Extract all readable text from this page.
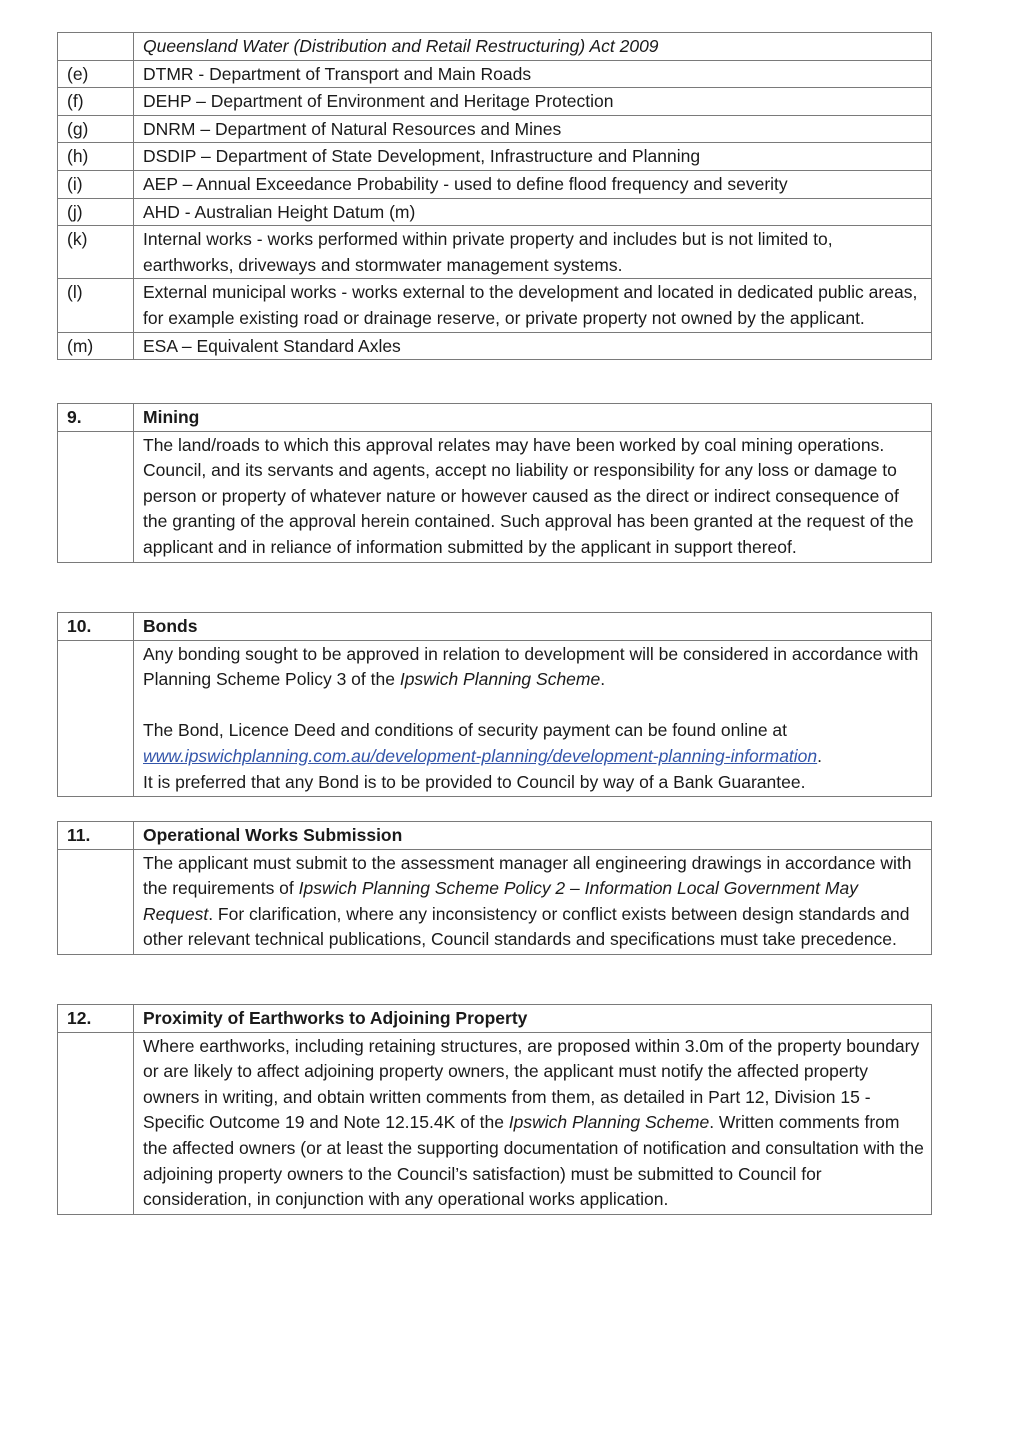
	Queensland Water (Distribution and Retail Restructuring) Act 2009
(e)	DTMR - Department of Transport and Main Roads
(f)	DEHP – Department of Environment and Heritage Protection
(g)	DNRM – Department of Natural Resources and Mines
(h)	DSDIP – Department of State Development, Infrastructure and Planning
(i)	AEP – Annual Exceedance Probability - used to define flood frequency and severity
(j)	AHD - Australian Height Datum (m)
(k)	Internal works - works performed within private property and includes but is not limited to, earthworks, driveways and stormwater management systems.
(l)	External municipal works - works external to the development and located in dedicated public areas, for example existing road or drainage reserve, or private property not owned by the applicant.
(m)	ESA – Equivalent Standard Axles
9.	Mining
	The land/roads to which this approval relates may have been worked by coal mining operations. Council, and its servants and agents, accept no liability or responsibility for any loss or damage to person or property of whatever nature or however caused as the direct or indirect consequence of the granting of the approval herein contained. Such approval has been granted at the request of the applicant and in reliance of information submitted by the applicant in support thereof.
10.	Bonds
	Any bonding sought to be approved in relation to development will be considered in accordance with Planning Scheme Policy 3 of the Ipswich Planning Scheme.
The Bond, Licence Deed and conditions of security payment can be found online at www.ipswichplanning.com.au/development-planning/development-planning-information.
It is preferred that any Bond is to be provided to Council by way of a Bank Guarantee.
11.	Operational Works Submission
	The applicant must submit to the assessment manager all engineering drawings in accordance with the requirements of Ipswich Planning Scheme Policy 2 – Information Local Government May Request. For clarification, where any inconsistency or conflict exists between design standards and other relevant technical publications, Council standards and specifications must take precedence.
12.	Proximity of Earthworks to Adjoining Property
	Where earthworks, including retaining structures, are proposed within 3.0m of the property boundary or are likely to affect adjoining property owners, the applicant must notify the affected property owners in writing, and obtain written comments from them, as detailed in Part 12, Division 15 - Specific Outcome 19 and Note 12.15.4K of the Ipswich Planning Scheme. Written comments from the affected owners (or at least the supporting documentation of notification and consultation with the adjoining property owners to the Council’s satisfaction) must be submitted to Council for consideration, in conjunction with any operational works application.
